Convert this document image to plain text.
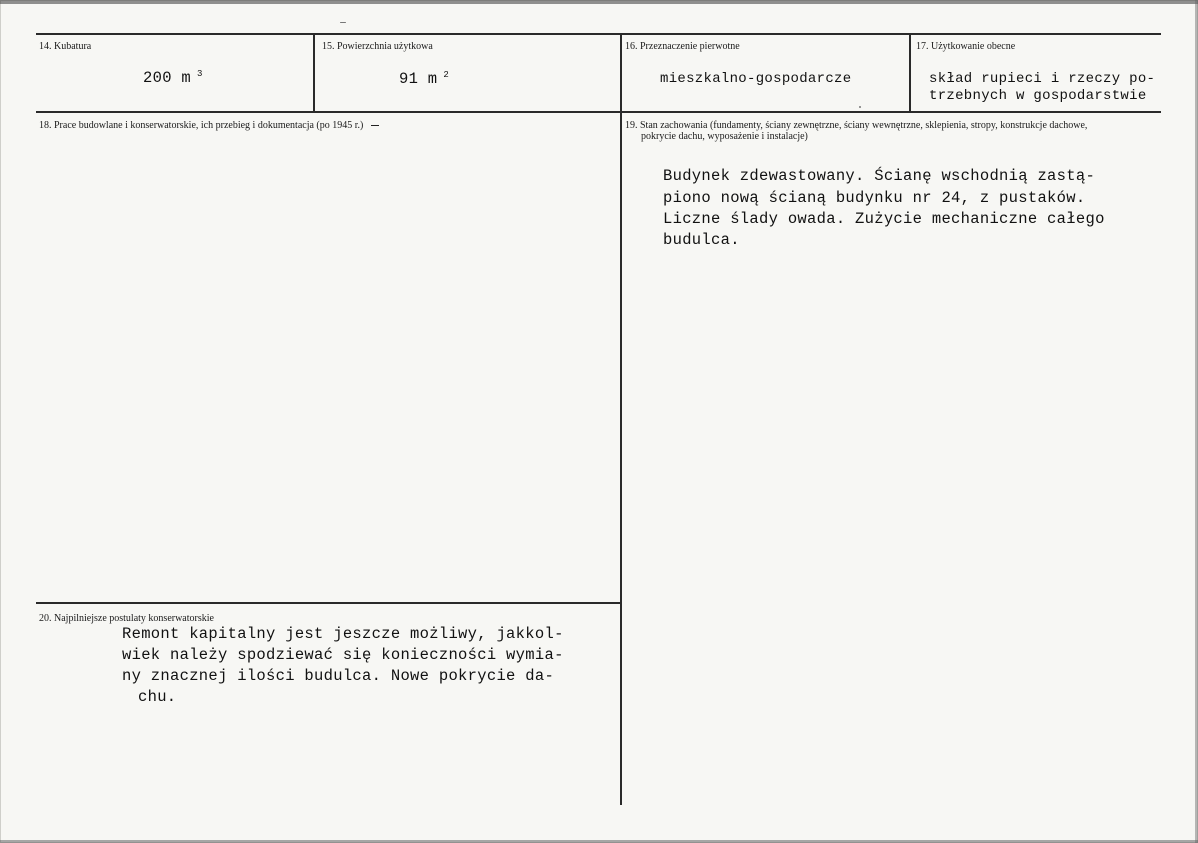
14. Kubatura
200 m $^3$
15. Powierzchnia użytkowa
91 m $^2$
16. Przeznaczenie pierwotne
mieszkalno-gospodarcze
17. Użytkowanie obecne
skład rupieci i rzeczy po-
trzebnych w gospodarstwie
18. Prace budowlane i konserwatorskie, ich przebieg i dokumentacja (po 1945 r.)	19. Stan zachowania (fundamenty, ściany zewnętrzne, ściany wewnętrzne, sklepienia, stropy, konstrukcje dachowe,
pokrycie dachu, wyposażenie i instalacje)
Budynek zdewastowany. Ścianę wschodnią zastą-
piono nową ścianą budynku nr 24, z pustaków.
Liczne ślady owada. Zużycie mechaniczne całego
budulca.
20. Najpilniejsze postulaty konserwatorskie
Remont kapitalny jest jeszcze możliwy, jakkol-
wiek należy spodziewać się konieczności wymia-
ny znacznej ilości budulca. Nowe pokrycie da-
chu.
